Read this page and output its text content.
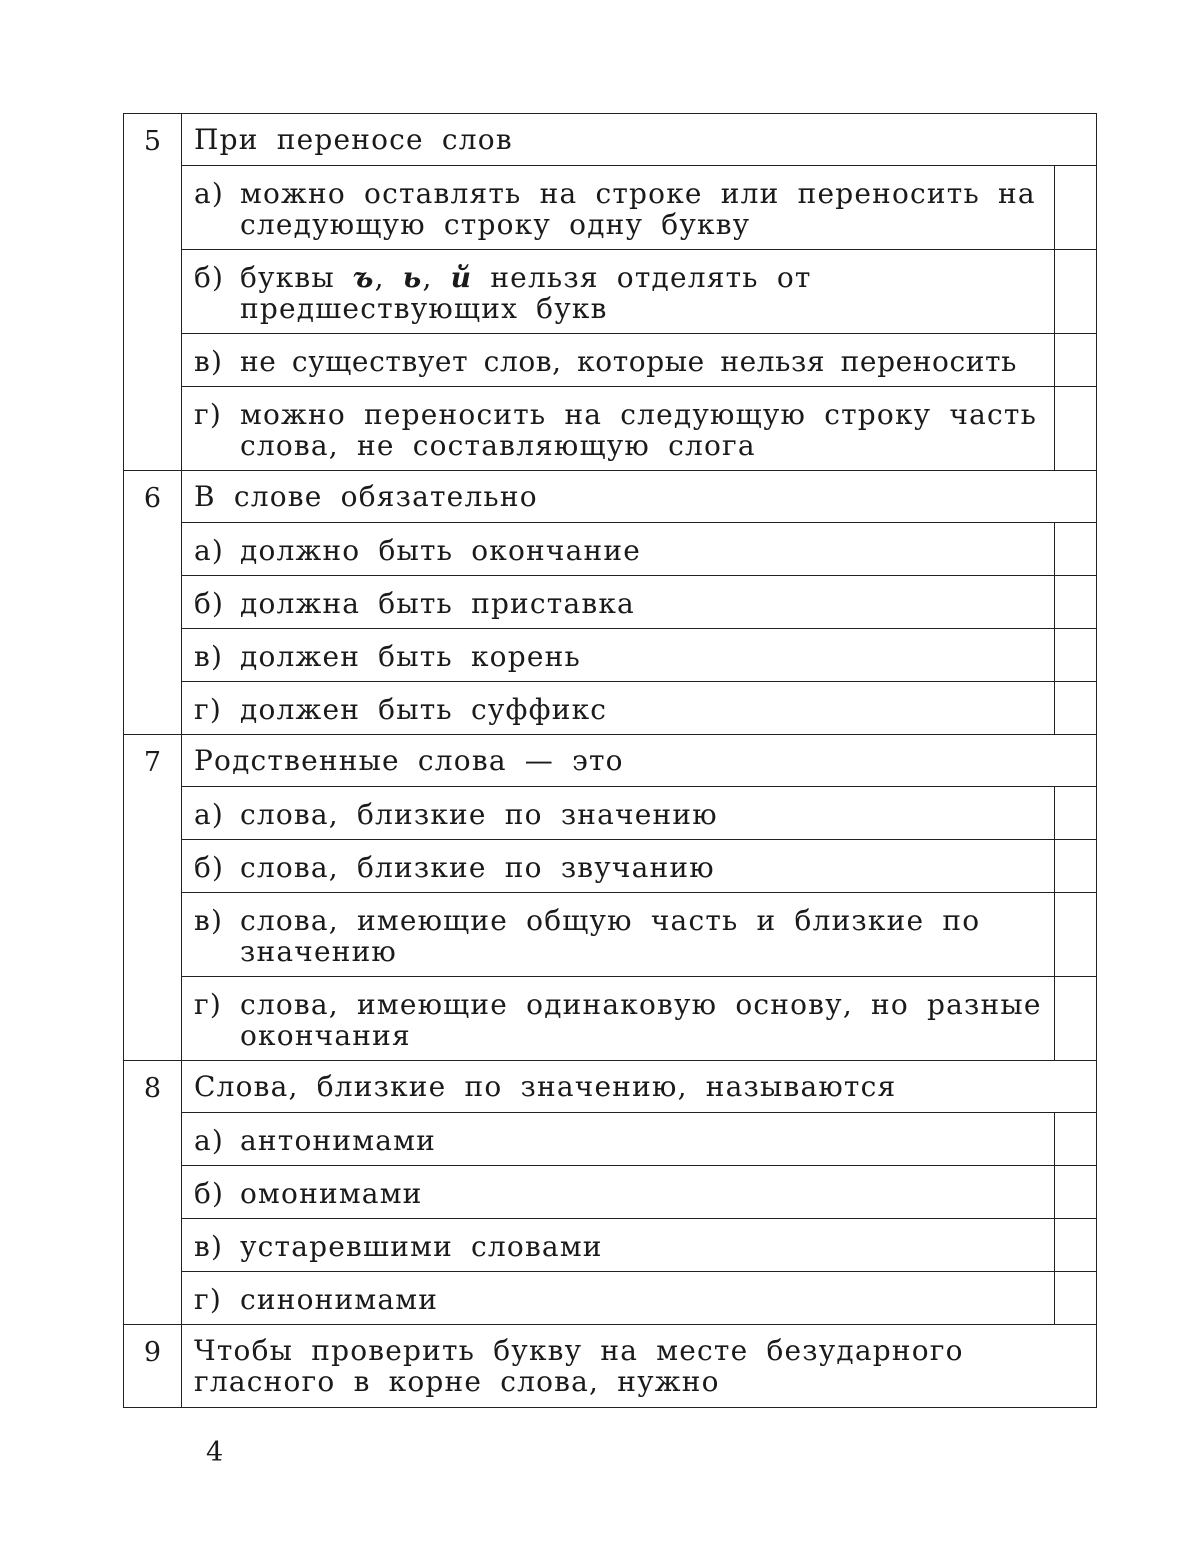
5	При переносе слов
а) можно оставлять на строке или переносить на следующую строку одну букву
б) буквы ъ, ь, й нельзя отделять от предшествующих букв
в) не существует слов, которые нельзя переносить
г) можно переносить на следующую строку часть слова, не составляющую слога
6	В слове обязательно
а) должно быть окончание
б) должна быть приставка
в) должен быть корень
г) должен быть суффикс
7	Родственные слова — это
а) слова, близкие по значению
б) слова, близкие по звучанию
в) слова, имеющие общую часть и близкие по значению
г) слова, имеющие одинаковую основу, но разные окончания
8	Слова, близкие по значению, называются
а) антонимами
б) омонимами
в) устаревшими словами
г) синонимами
9	Чтобы проверить букву на месте безударного гласного в корне слова, нужно
4
